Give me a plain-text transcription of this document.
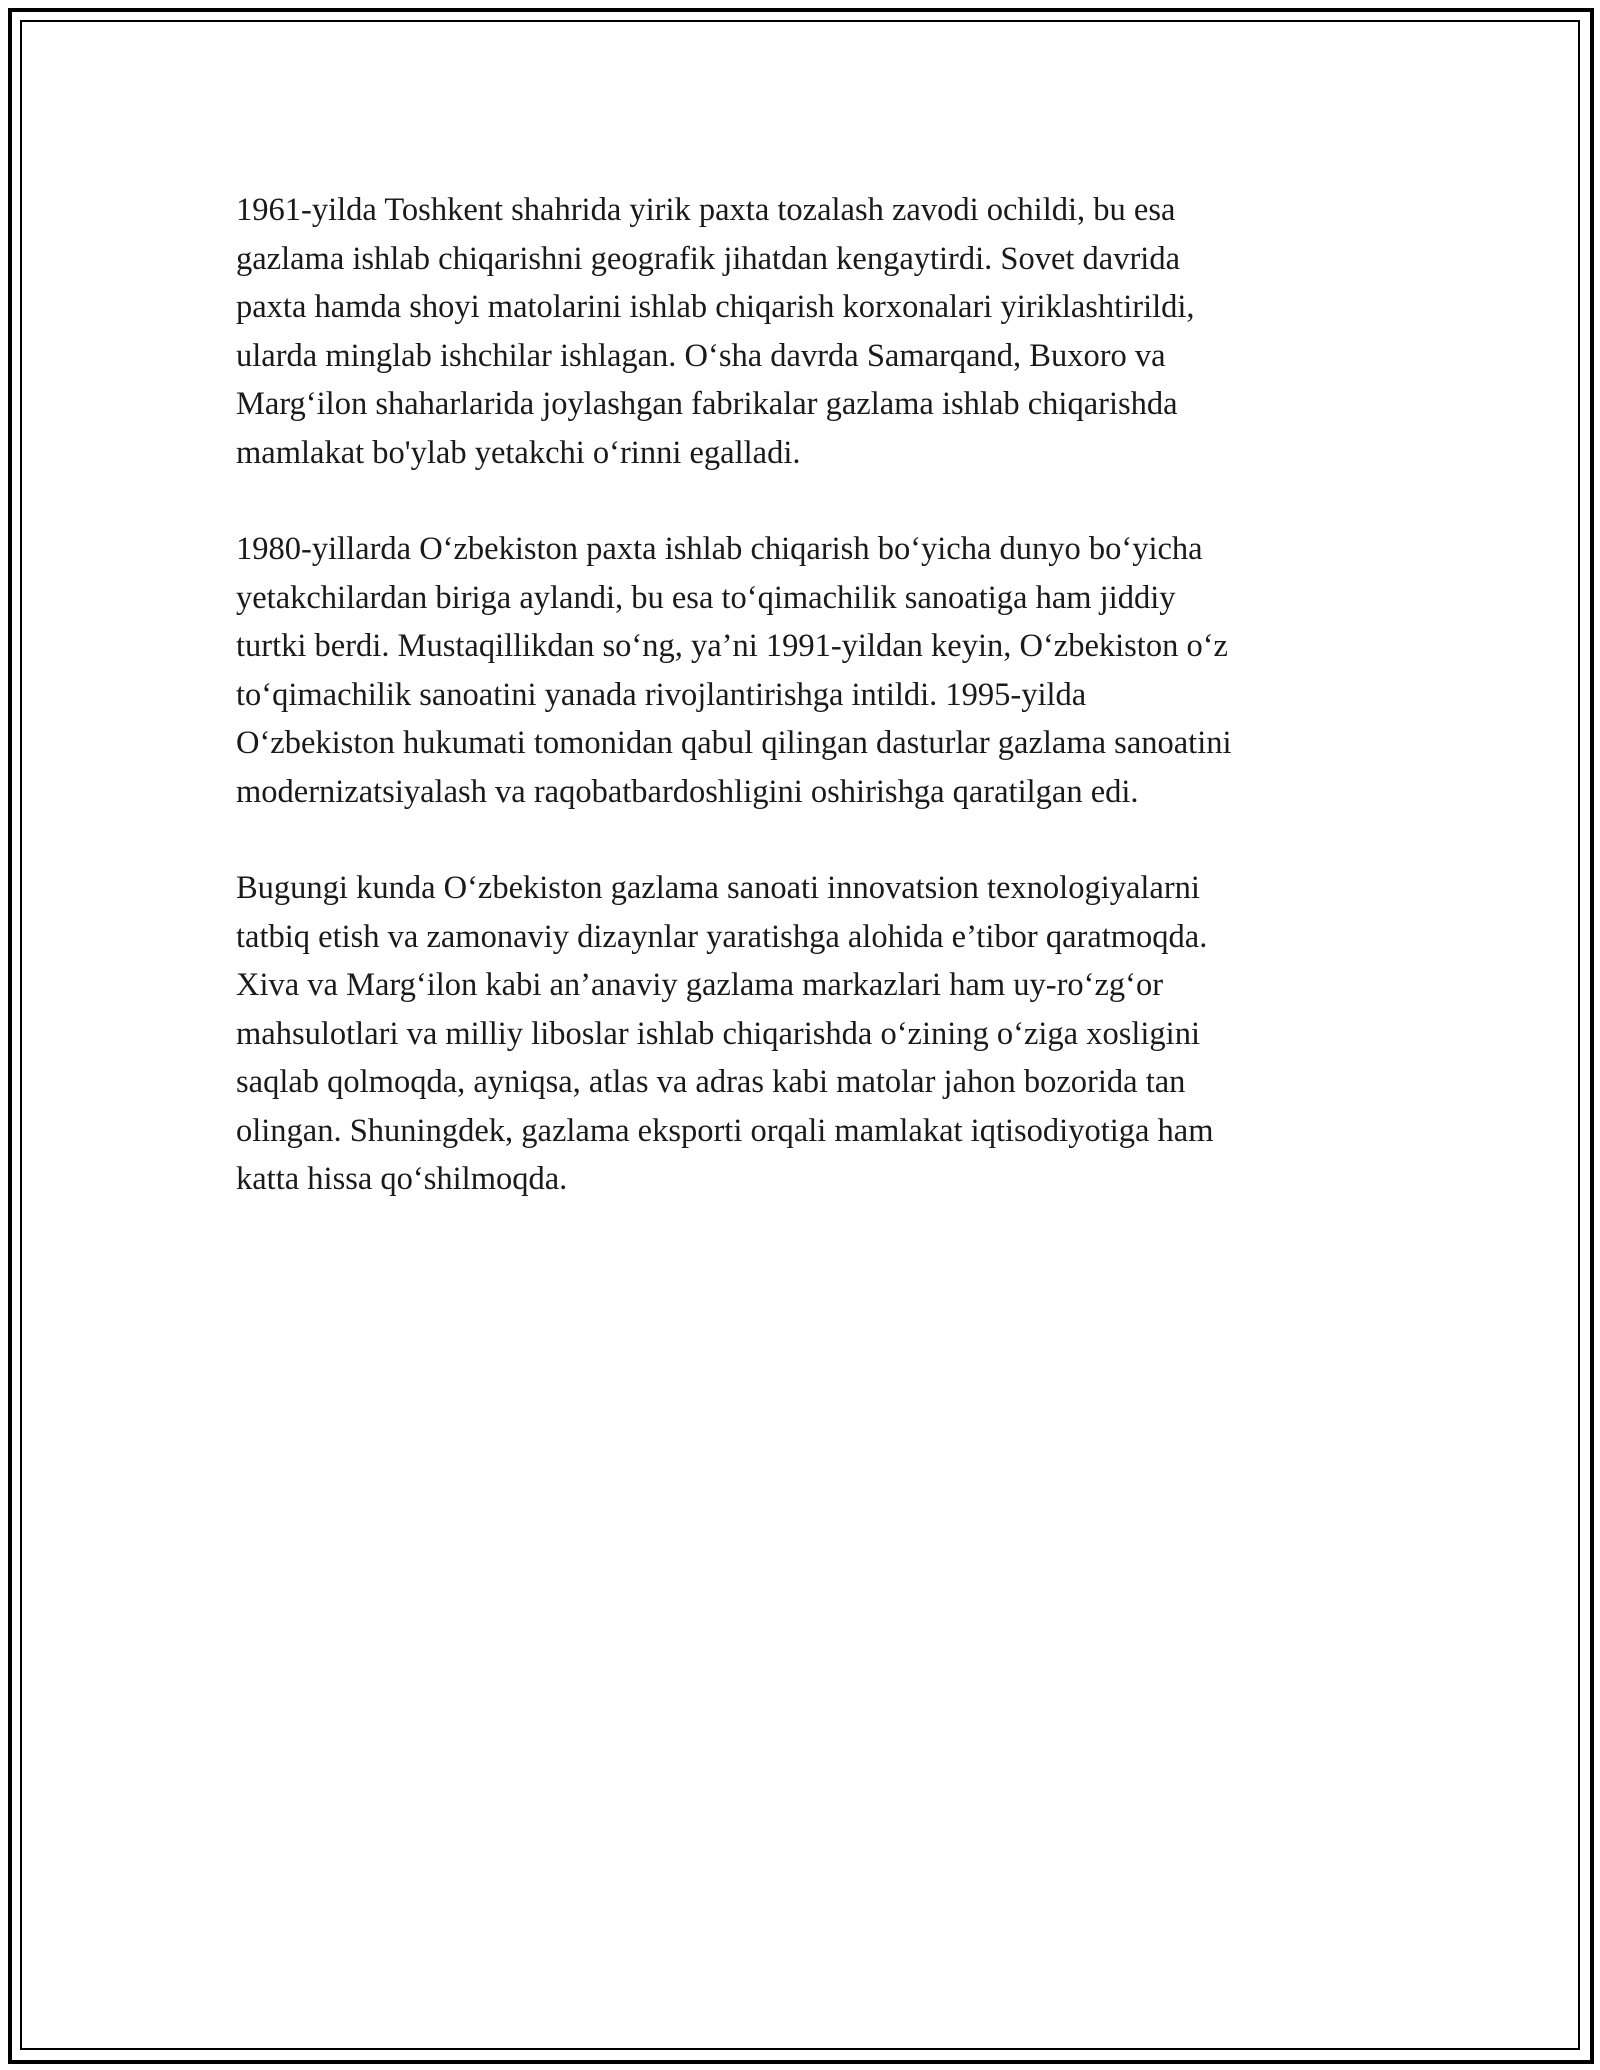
1961-yilda Toshkent shahrida yirik paxta tozalash zavodi ochildi, bu esa
gazlama ishlab chiqarishni geografik jihatdan kengaytirdi. Sovet davrida
paxta hamda shoyi matolarini ishlab chiqarish korxonalari yiriklashtirildi,
ularda minglab ishchilar ishlagan. O‘sha davrda Samarqand, Buxoro va
Marg‘ilon shaharlarida joylashgan fabrikalar gazlama ishlab chiqarishda
mamlakat bo'ylab yetakchi o‘rinni egalladi.

1980-yillarda O‘zbekiston paxta ishlab chiqarish bo‘yicha dunyo bo‘yicha
yetakchilardan biriga aylandi, bu esa to‘qimachilik sanoatiga ham jiddiy
turtki berdi. Mustaqillikdan so‘ng, ya’ni 1991-yildan keyin, O‘zbekiston o‘z
to‘qimachilik sanoatini yanada rivojlantirishga intildi. 1995-yilda
O‘zbekiston hukumati tomonidan qabul qilingan dasturlar gazlama sanoatini
modernizatsiyalash va raqobatbardoshligini oshirishga qaratilgan edi.

Bugungi kunda O‘zbekiston gazlama sanoati innovatsion texnologiyalarni
tatbiq etish va zamonaviy dizaynlar yaratishga alohida e’tibor qaratmoqda.
Xiva va Marg‘ilon kabi an’anaviy gazlama markazlari ham uy-ro‘zg‘or
mahsulotlari va milliy liboslar ishlab chiqarishda o‘zining o‘ziga xosligini
saqlab qolmoqda, ayniqsa, atlas va adras kabi matolar jahon bozorida tan
olingan. Shuningdek, gazlama eksporti orqali mamlakat iqtisodiyotiga ham
katta hissa qo‘shilmoqda.
